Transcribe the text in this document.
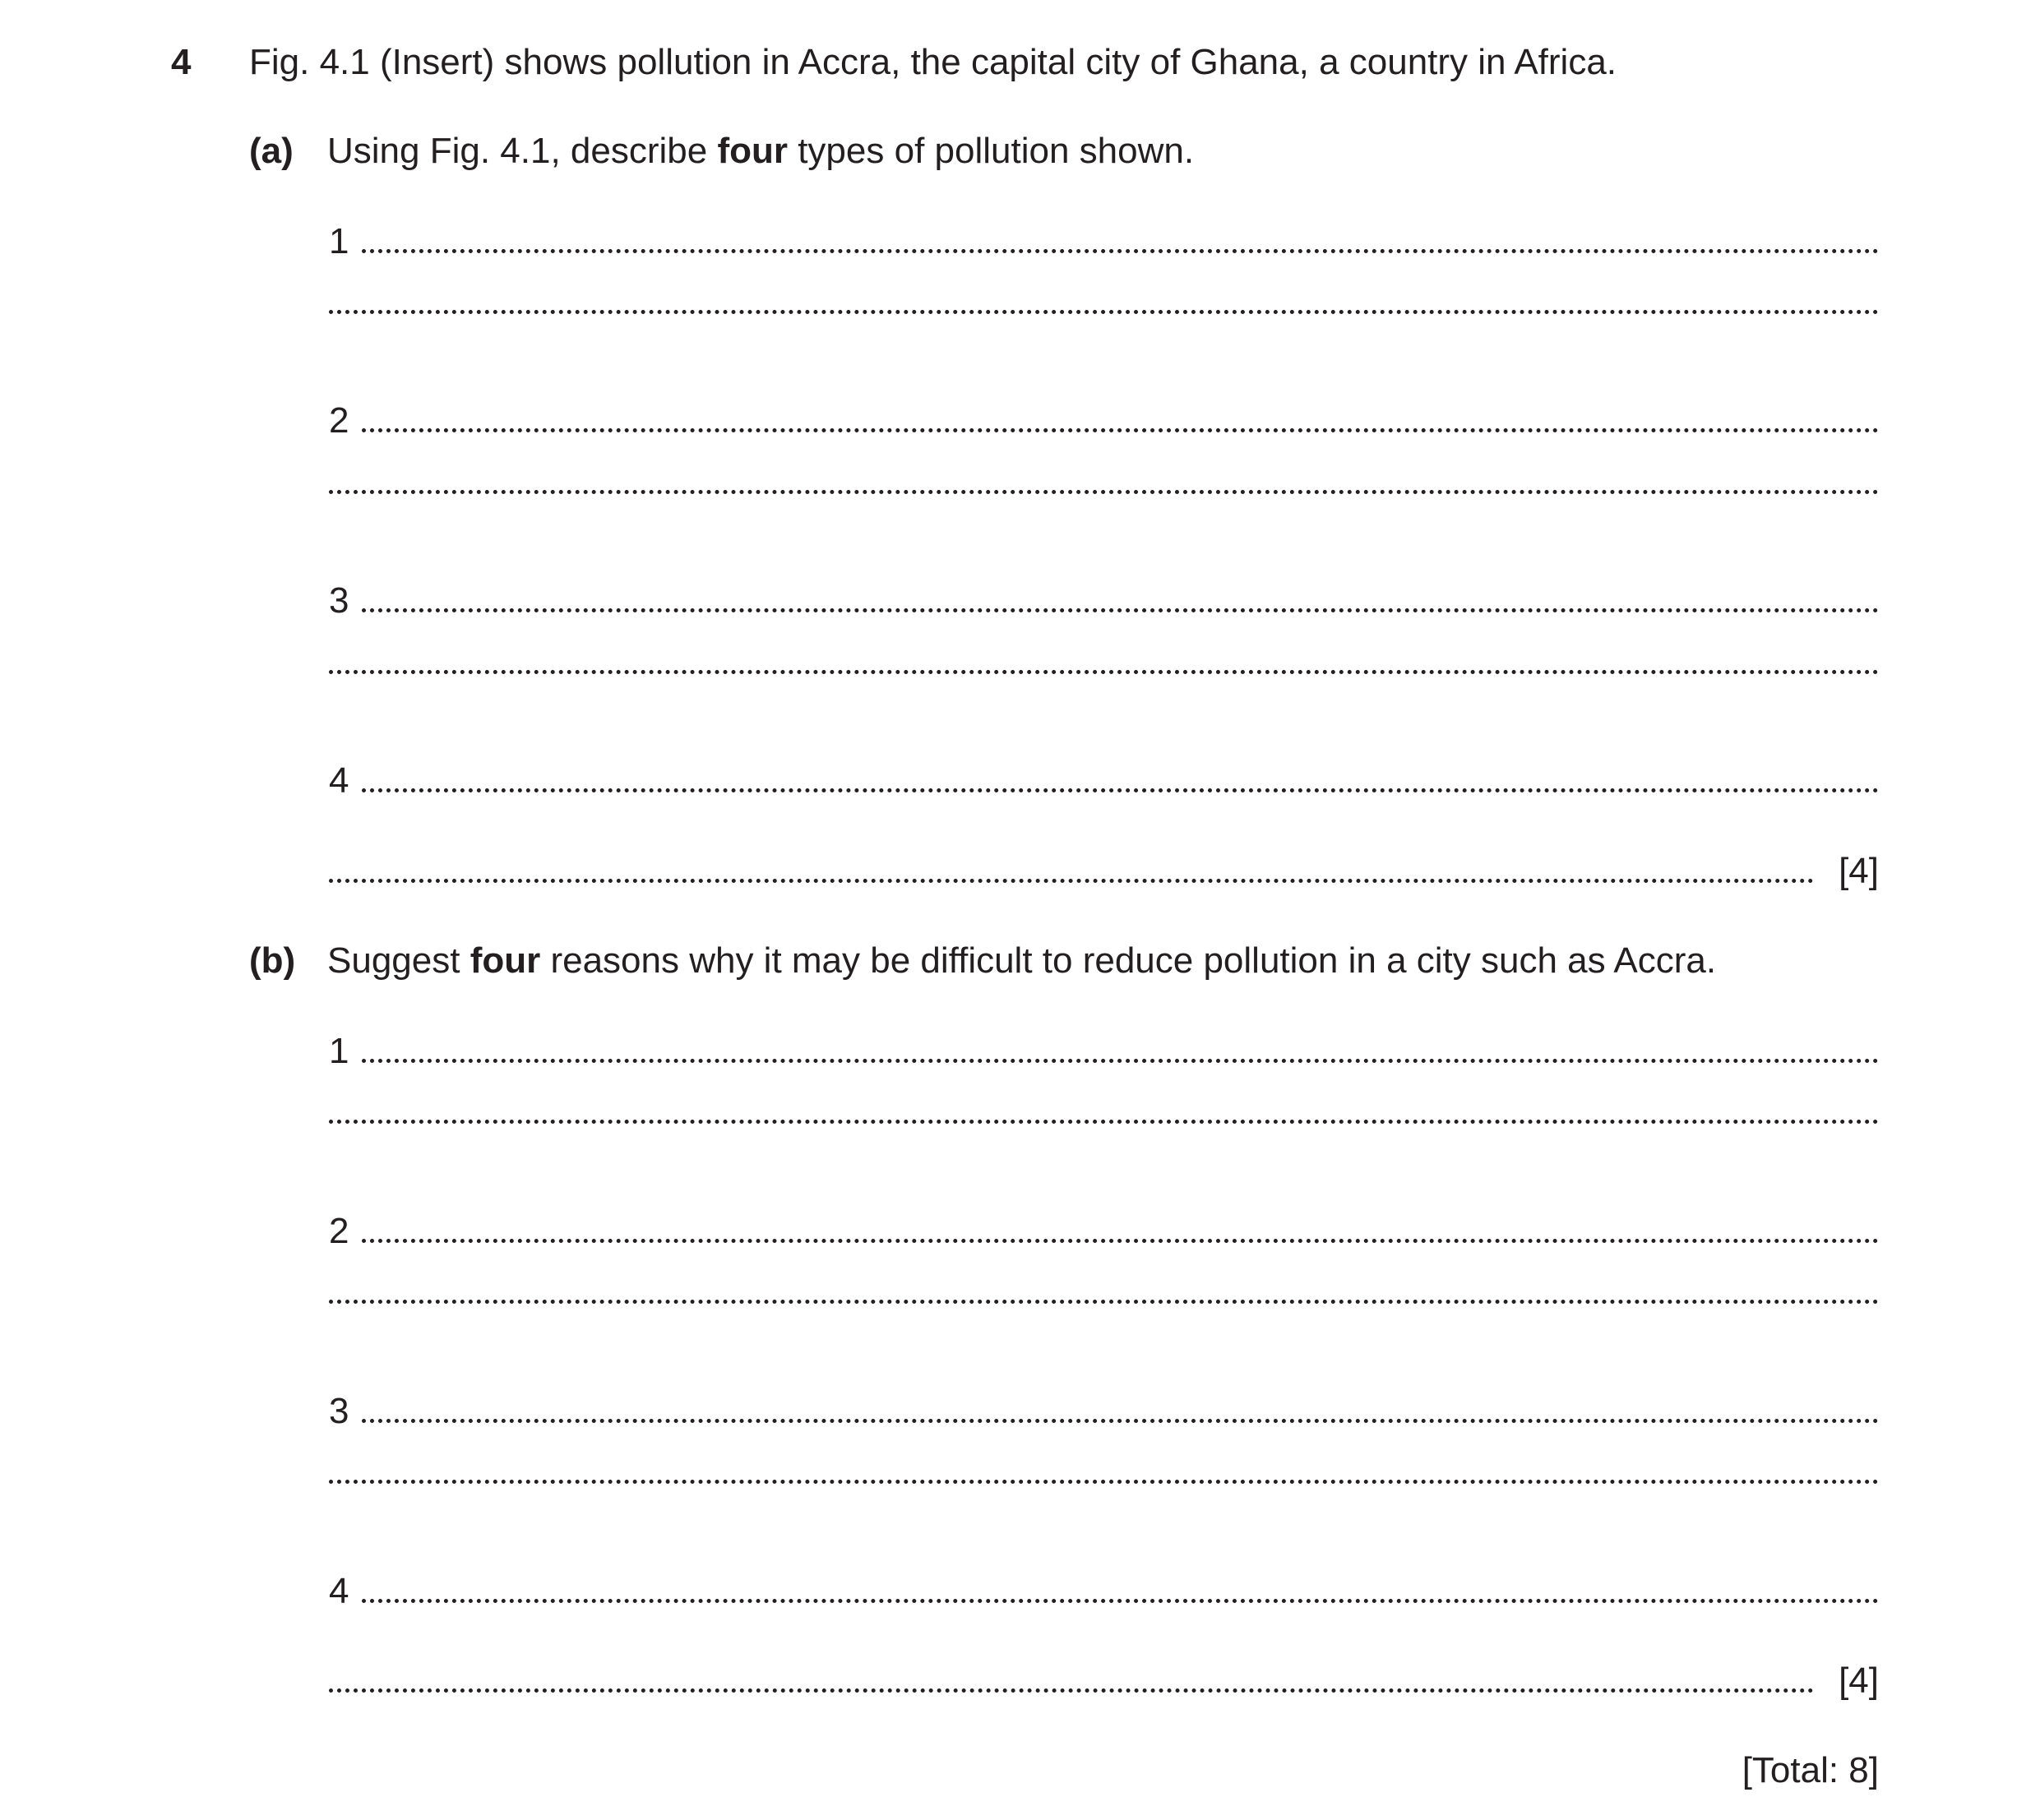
4 Fig. 4.1 (Insert) shows pollution in Accra, the capital city of Ghana, a country in Africa.
(a) Using Fig. 4.1, describe four types of pollution shown.
1
2
3
4
[4]
(b) Suggest four reasons why it may be difficult to reduce pollution in a city such as Accra.
1
2
3
4
[4]
[Total: 8]
